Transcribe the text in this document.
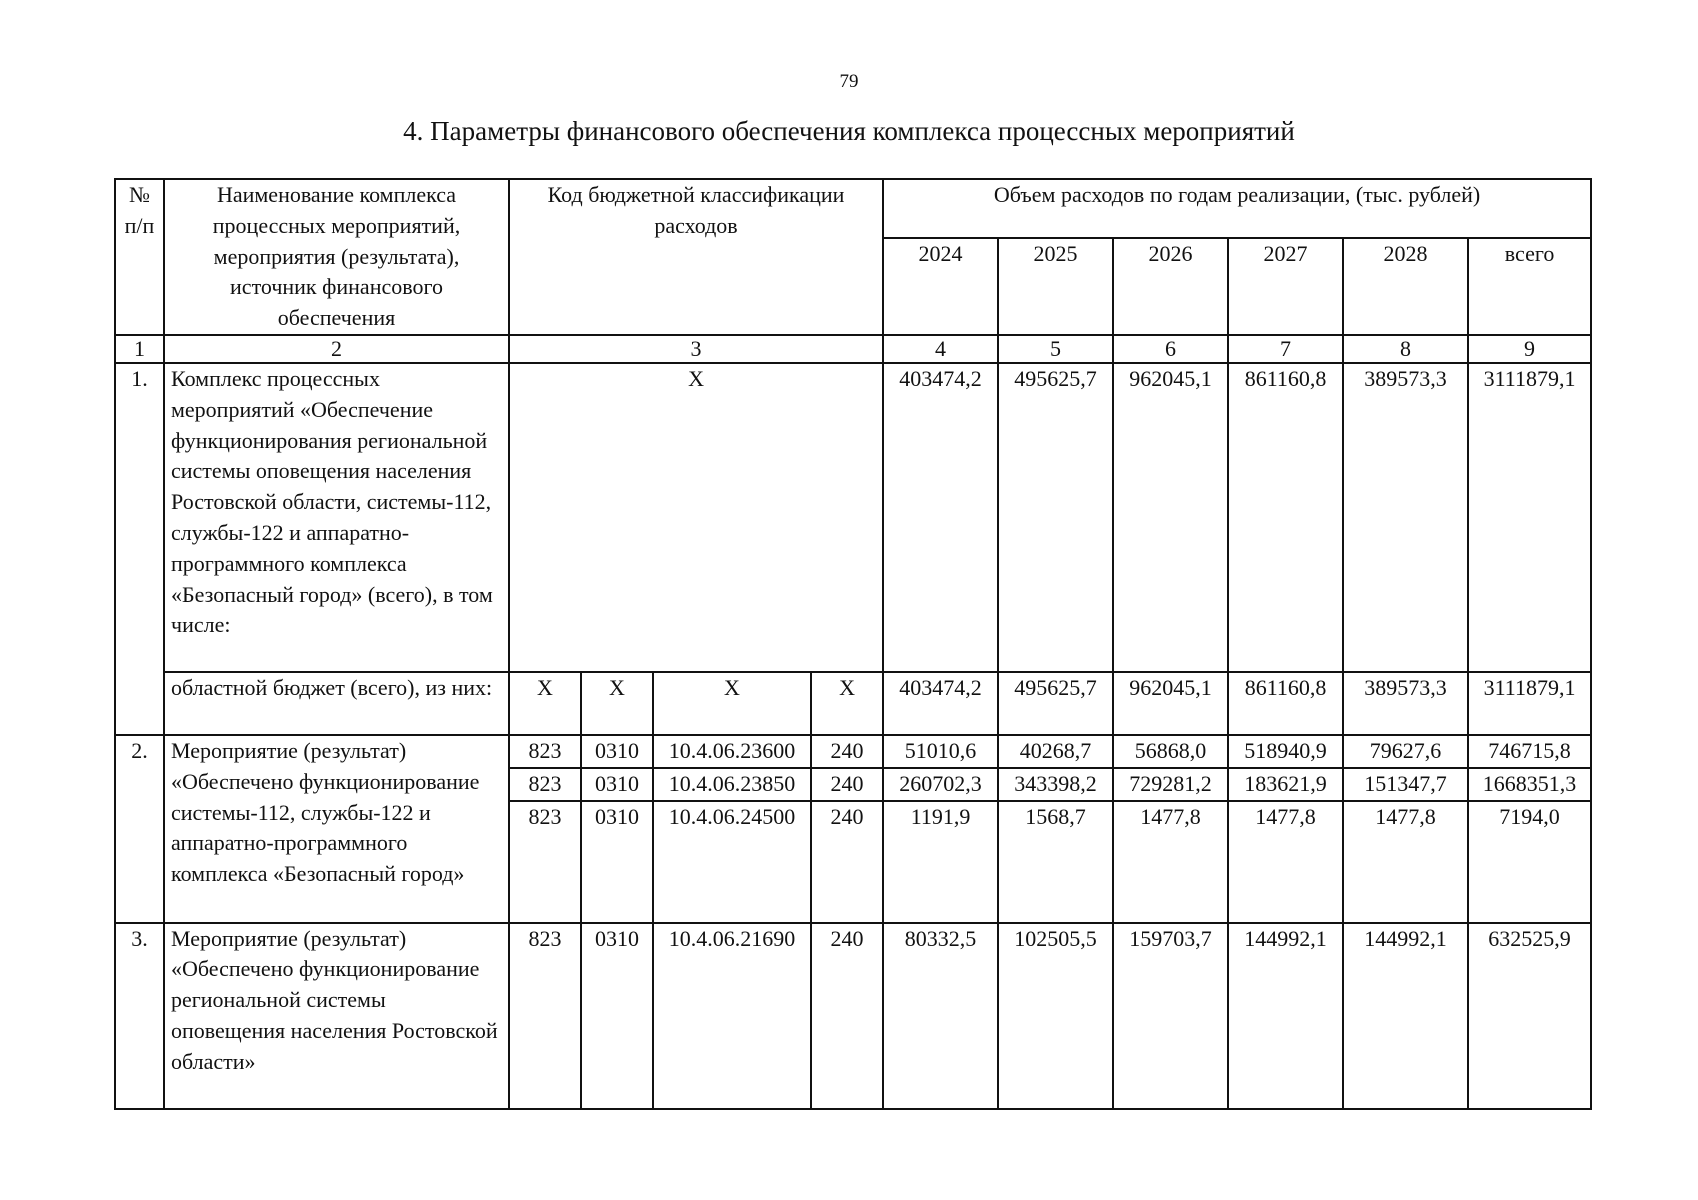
79
4. Параметры финансового обеспечения комплекса процессных мероприятий
№ п/п	Наименование комплекса процессных мероприятий, мероприятия (результата), источник финансового обеспечения	Код бюджетной классификации расходов				Объем расходов по годам реализации, (тыс. рублей)					
						2024	2025	2026	2027	2028	всего
1	2	3				4	5	6	7	8	9
1.	Комплекс процессных мероприятий «Обеспечение функционирования региональной системы оповещения населения Ростовской области, системы-112, службы-122 и аппаратно-программного комплекса «Безопасный город» (всего), в том числе:	X				403474,2	495625,7	962045,1	861160,8	389573,3	3111879,1
	областной бюджет (всего), из них:	X	X	X	X	403474,2	495625,7	962045,1	861160,8	389573,3	3111879,1
2.	Мероприятие (результат) «Обеспечено функционирование системы-112, службы-122 и аппаратно-программного комплекса «Безопасный город»	823	0310	10.4.06.23600	240	51010,6	40268,7	56868,0	518940,9	79627,6	746715,8
		823	0310	10.4.06.23850	240	260702,3	343398,2	729281,2	183621,9	151347,7	1668351,3
		823	0310	10.4.06.24500	240	1191,9	1568,7	1477,8	1477,8	1477,8	7194,0
3.	Мероприятие (результат) «Обеспечено функционирование региональной системы оповещения населения Ростовской области»	823	0310	10.4.06.21690	240	80332,5	102505,5	159703,7	144992,1	144992,1	632525,9
